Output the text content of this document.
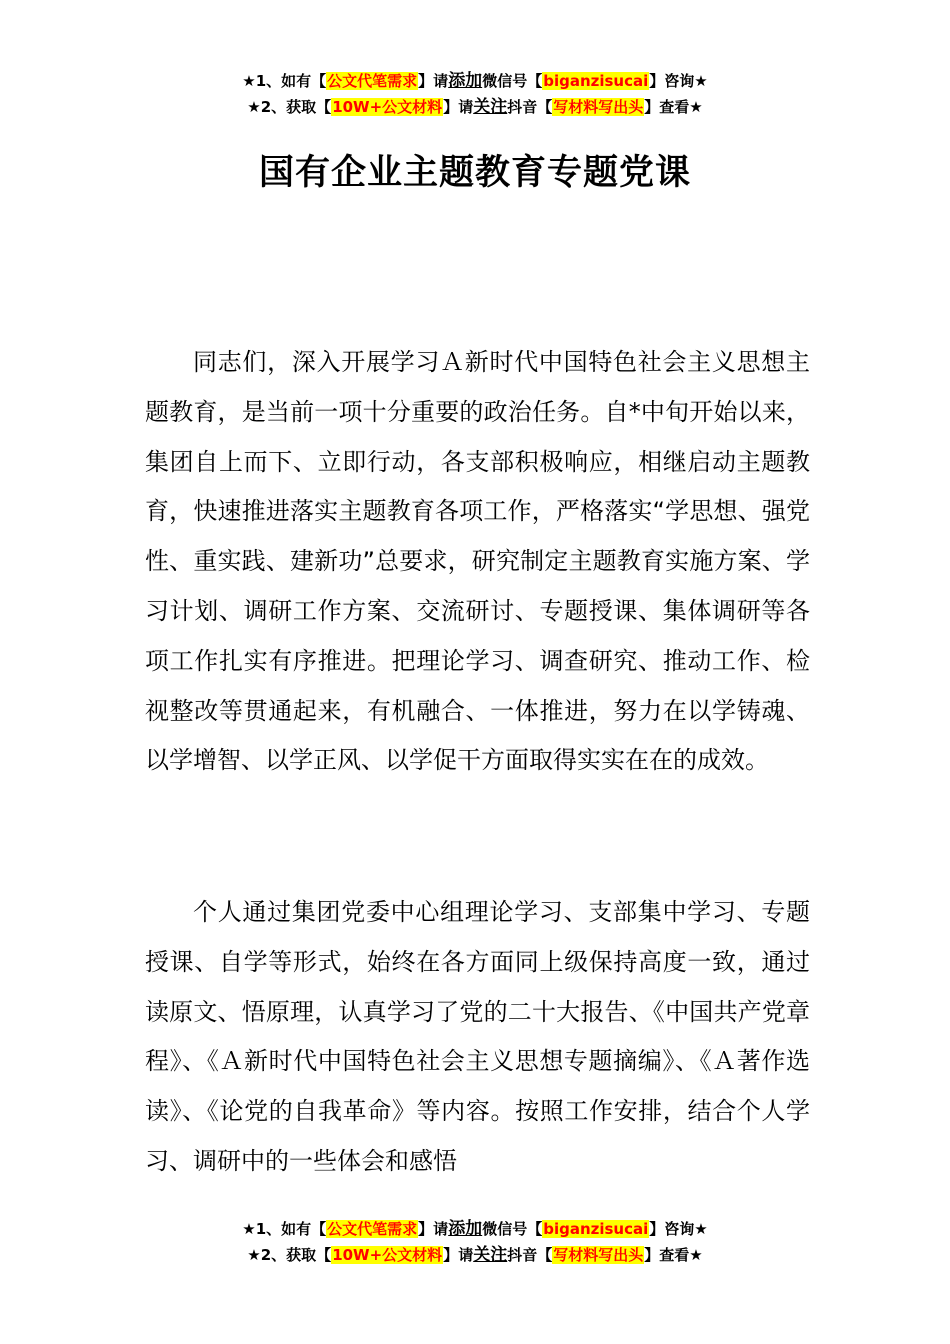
★1、如有【公文代笔需求】请添加微信号【biganzisucai】咨询★
★2、获取【10W+公文材料】请关注抖音【写材料写出头】查看★
国有企业主题教育专题党课

同志们，深入开展学习Ａ新时代中国特色社会主义思想主题教育，是当前一项十分重要的政治任务。自*中旬开始以来，集团自上而下、立即行动，各支部积极响应，相继启动主题教育，快速推进落实主题教育各项工作，严格落实“学思想、强党性、重实践、建新功”总要求，研究制定主题教育实施方案、学习计划、调研工作方案、交流研讨、专题授课、集体调研等各项工作扎实有序推进。把理论学习、调查研究、推动工作、检视整改等贯通起来，有机融合、一体推进，努力在以学铸魂、以学增智、以学正风、以学促干方面取得实实在在的成效。

个人通过集团党委中心组理论学习、支部集中学习、专题授课、自学等形式，始终在各方面同上级保持高度一致，通过读原文、悟原理，认真学习了党的二十大报告、《中国共产党章程》、《Ａ新时代中国特色社会主义思想专题摘编》、《Ａ著作选读》、《论党的自我革命》等内容。按照工作安排，结合个人学习、调研中的一些体会和感悟

★1、如有【公文代笔需求】请添加微信号【biganzisucai】咨询★
★2、获取【10W+公文材料】请关注抖音【写材料写出头】查看★
